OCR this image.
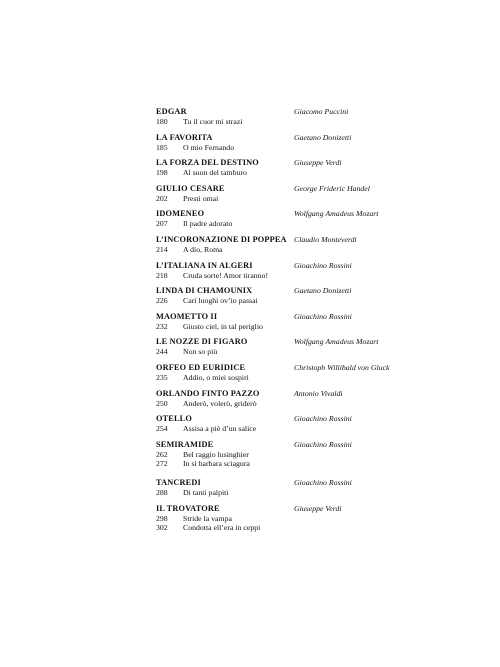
EDGAR	Giacomo Puccini
180	Tu il cuor mi strazi
LA FAVORITA	Gaetano Donizetti
185	O mio Fernando
LA FORZA DEL DESTINO	Giuseppe Verdi
198	Al suon del tamburo
GIULIO CESARE	George Frideric Handel
202	Presti omai
IDOMENEO	Wolfgang Amadeus Mozart
207	Il padre adorato
L’INCORONAZIONE DI POPPEA Claudio Monteverdi
214	A dio, Roma
L’ITALIANA IN ALGERI	Gioachino Rossini
218	Cruda sorte! Amor tiranno!
LINDA DI CHAMOUNIX	Gaetano Donizetti
226	Cari luoghi ov’io passai
MAOMETTO II	Gioachino Rossini
232	Giusto ciel, in tal periglio
LE NOZZE DI FIGARO	Wolfgang Amadeus Mozart
244	Non so più
ORFEO ED EURIDICE	Christoph Willibald von Gluck
235	Addio, o miei sospiri
ORLANDO FINTO PAZZO	Antonio Vivaldi
250	Anderò, volerò, griderò
OTELLO	Gioachino Rossini
254	Assisa a piè d’un salice
SEMIRAMIDE	Gioachino Rossini
262	Bel raggio lusinghier
272	In sì barbara sciagura
TANCREDI	Gioachino Rossini
288	Di tanti palpiti
IL TROVATORE	Giuseppe Verdi
298	Stride la vampa
302	Condotta ell’era in ceppi
